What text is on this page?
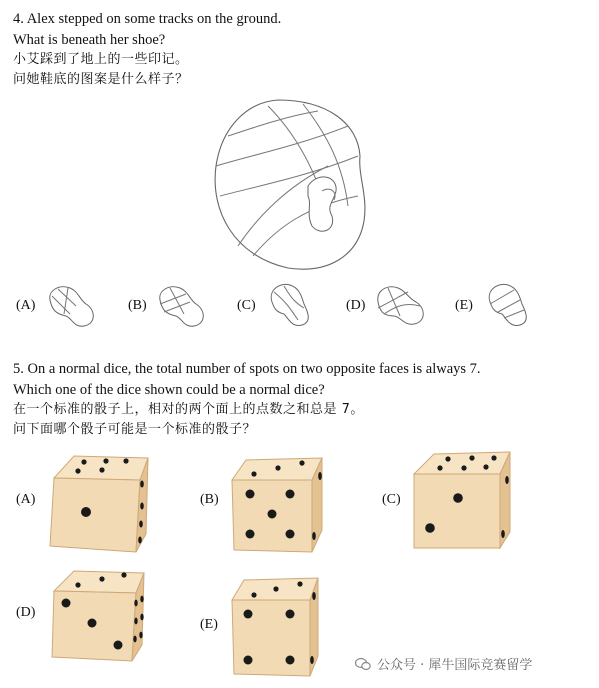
4. Alex stepped on some tracks on the ground.
What is beneath her shoe?
小艾踩到了地上的一些印记。
问她鞋底的图案是什么样子？
(A)	(B)	(C)	(D)	(E)
5. On a normal dice, the total number of spots on two opposite faces is always 7.
Which one of the dice shown could be a normal dice?
在一个标准的骰子上，相对的两个面上的点数之和总是 7。
问下面哪个骰子可能是一个标准的骰子？
(A)	(B)	(C)
(D)
(E)
公众号 · 犀牛国际竞赛留学
